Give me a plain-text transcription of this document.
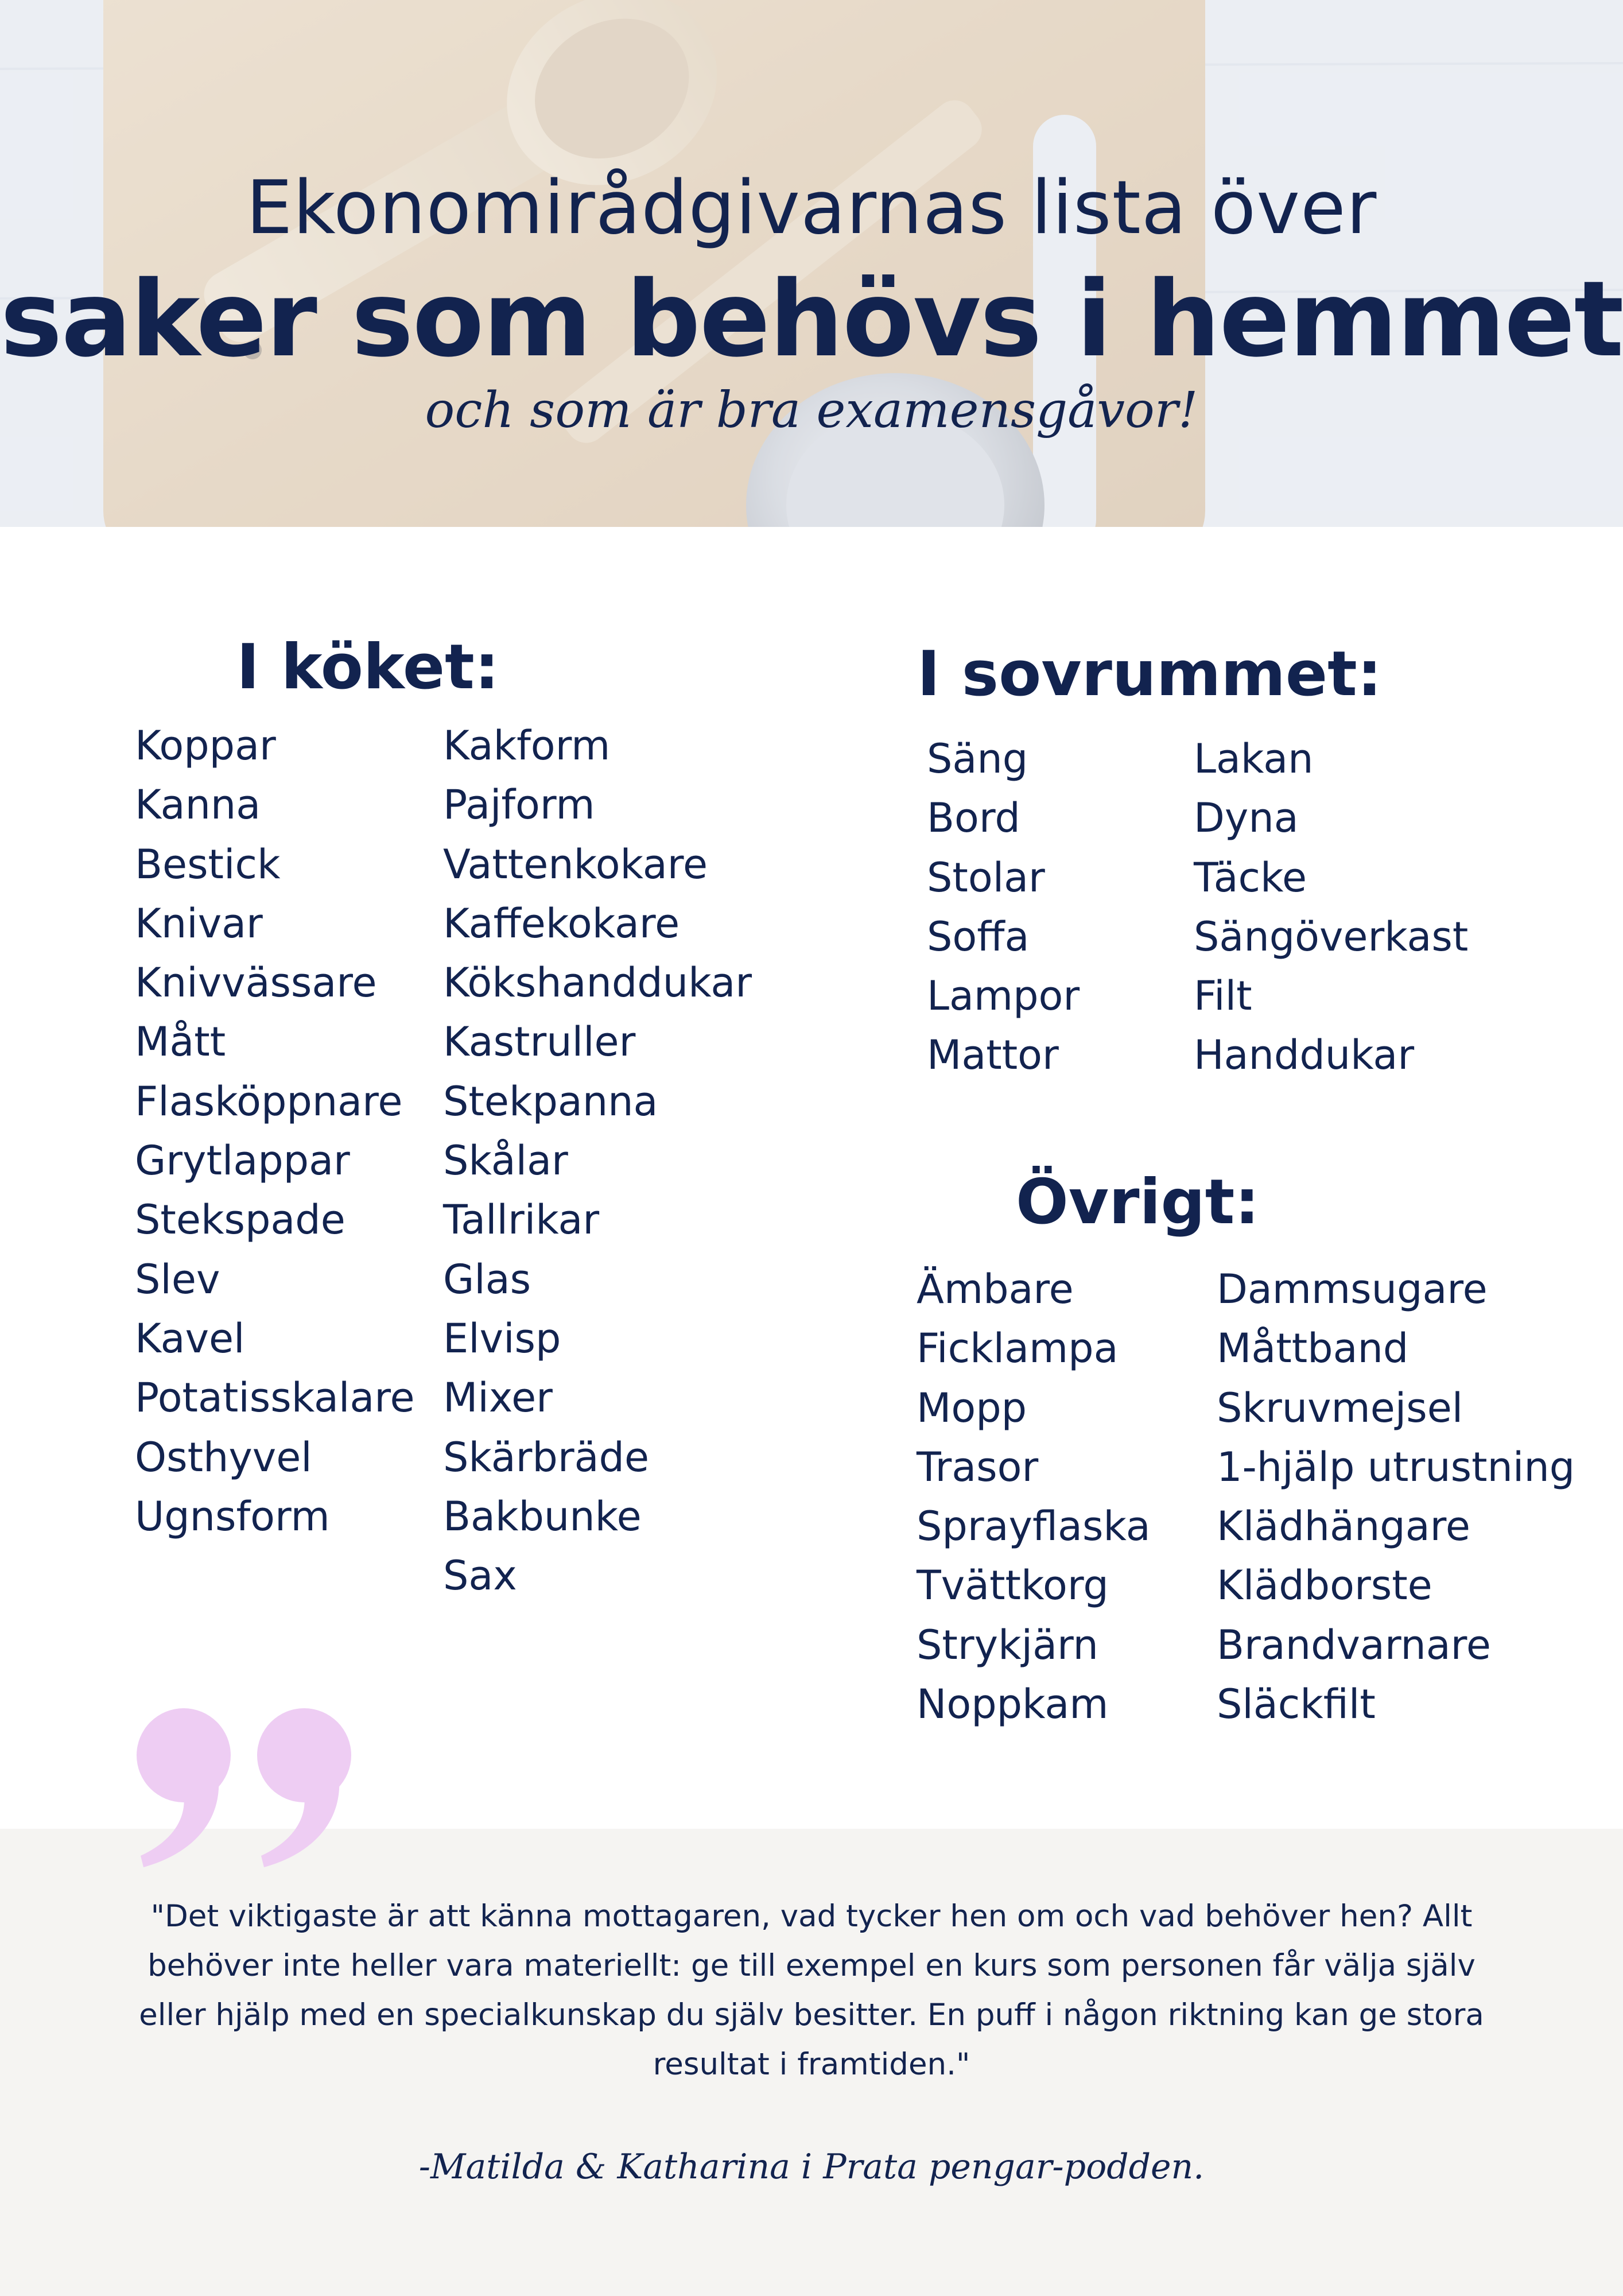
Ekonomirådgivarnas lista över
saker som behövs i hemmet
och som är bra examensgåvor!
I köket:
Koppar
Kanna
Bestick
Knivar
Knivvässare
Mått
Flasköppnare
Grytlappar
Stekspade
Slev
Kavel
Potatisskalare
Osthyvel
Ugnsform
Kakform
Pajform
Vattenkokare
Kaffekokare
Kökshanddukar
Kastruller
Stekpanna
Skålar
Tallrikar
Glas
Elvisp
Mixer
Skärbräde
Bakbunke
Sax
I sovrummet:
Säng
Bord
Stolar
Soffa
Lampor
Mattor
Lakan
Dyna
Täcke
Sängöverkast
Filt
Handdukar
Övrigt:
Ämbare
Ficklampa
Mopp
Trasor
Sprayflaska
Tvättkorg
Strykjärn
Noppkam
Dammsugare
Måttband
Skruvmejsel
1-hjälp utrustning
Klädhängare
Klädborste
Brandvarnare
Släckfilt

"Det viktigaste är att känna mottagaren, vad tycker hen om och vad behöver hen? Allt behöver inte heller vara materiellt: ge till exempel en kurs som personen får välja själv eller hjälp med en specialkunskap du själv besitter. En puff i någon riktning kan ge stora resultat i framtiden."

-Matilda & Katharina i Prata pengar-podden.
